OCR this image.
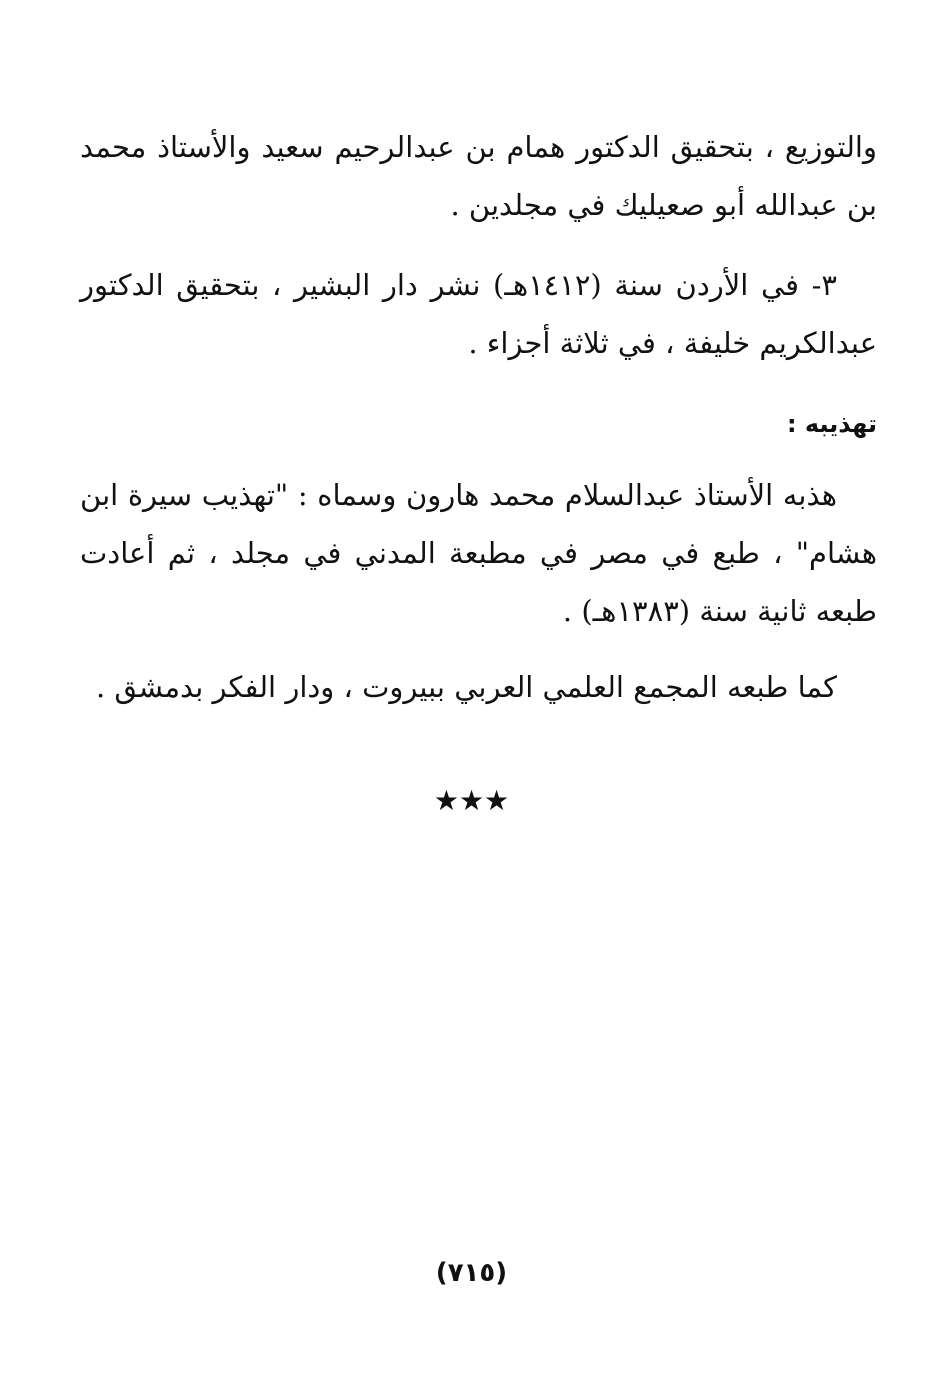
والتوزيع ، بتحقيق الدكتور همام بن عبدالرحيم سعيد والأستاذ محمد بن عبدالله أبو صعيليك في مجلدين .

٣- في الأردن سنة (١٤١٢هـ) نشر دار البشير ، بتحقيق الدكتور عبدالكريم خليفة ، في ثلاثة أجزاء .

تهذيبه :

هذبه الأستاذ عبدالسلام محمد هارون وسماه : "تهذيب سيرة ابن هشام" ، طبع في مصر في مطبعة المدني في مجلد ، ثم أعادت طبعه ثانية سنة (١٣٨٣هـ) .

كما طبعه المجمع العلمي العربي ببيروت ، ودار الفكر بدمشق .

★★★
(٧١٥)
